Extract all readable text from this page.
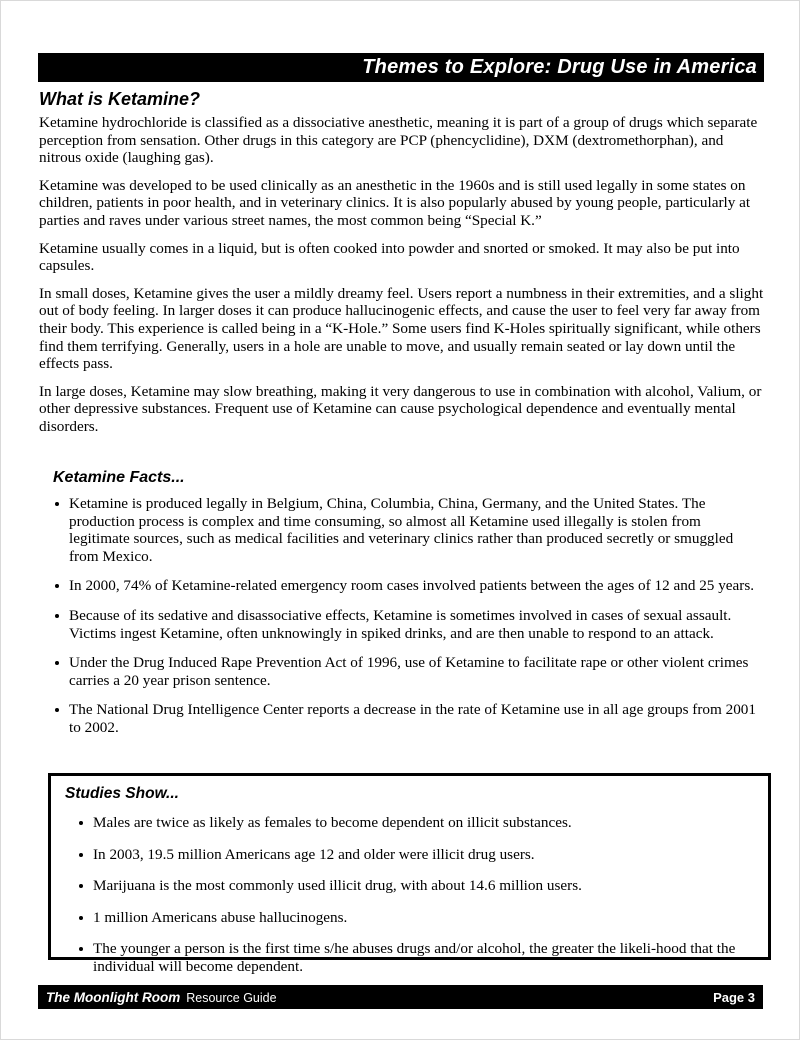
Themes to Explore: Drug Use in America
What is Ketamine?

Ketamine hydrochloride is classified as a dissociative anesthetic, meaning it is part of a group of drugs which separate perception from sensation. Other drugs in this category are PCP (phencyclidine), DXM (dextromethorphan), and nitrous oxide (laughing gas).

Ketamine was developed to be used clinically as an anesthetic in the 1960s and is still used legally in some states on children, patients in poor health, and in veterinary clinics. It is also popularly abused by young people, particularly at parties and raves under various street names, the most common being “Special K.”

Ketamine usually comes in a liquid, but is often cooked into powder and snorted or smoked. It may also be put into capsules.

In small doses, Ketamine gives the user a mildly dreamy feel. Users report a numbness in their extremities, and a slight out of body feeling. In larger doses it can produce hallucinogenic effects, and cause the user to feel very far away from their body. This experience is called being in a “K-Hole.” Some users find K-Holes spiritually significant, while others find them terrifying. Generally, users in a hole are unable to move, and usually remain seated or lay down until the effects pass.

In large doses, Ketamine may slow breathing, making it very dangerous to use in combination with alcohol, Valium, or other depressive substances. Frequent use of Ketamine can cause psychological dependence and eventually mental disorders.

Ketamine Facts...
Ketamine is produced legally in Belgium, China, Columbia, China, Germany, and the United States. The production process is complex and time consuming, so almost all Ketamine used illegally is stolen from legitimate sources, such as medical facilities and veterinary clinics rather than produced secretly or smuggled from Mexico.
In 2000, 74% of Ketamine-related emergency room cases involved patients between the ages of 12 and 25 years.
Because of its sedative and disassociative effects, Ketamine is sometimes involved in cases of sexual assault. Victims ingest Ketamine, often unknowingly in spiked drinks, and are then unable to respond to an attack.
Under the Drug Induced Rape Prevention Act of 1996, use of Ketamine to facilitate rape or other violent crimes carries a 20 year prison sentence.
The National Drug Intelligence Center reports a decrease in the rate of Ketamine use in all age groups from 2001 to 2002.
Studies Show...
Males are twice as likely as females to become dependent on illicit substances.
In 2003, 19.5 million Americans age 12 and older were illicit drug users.
Marijuana is the most commonly used illicit drug, with about 14.6 million users.
1 million Americans abuse hallucinogens.
The younger a person is the first time s/he abuses drugs and/or alcohol, the greater the likeli-hood that the individual will become dependent.
The Moonlight Room Resource Guide	Page 3
